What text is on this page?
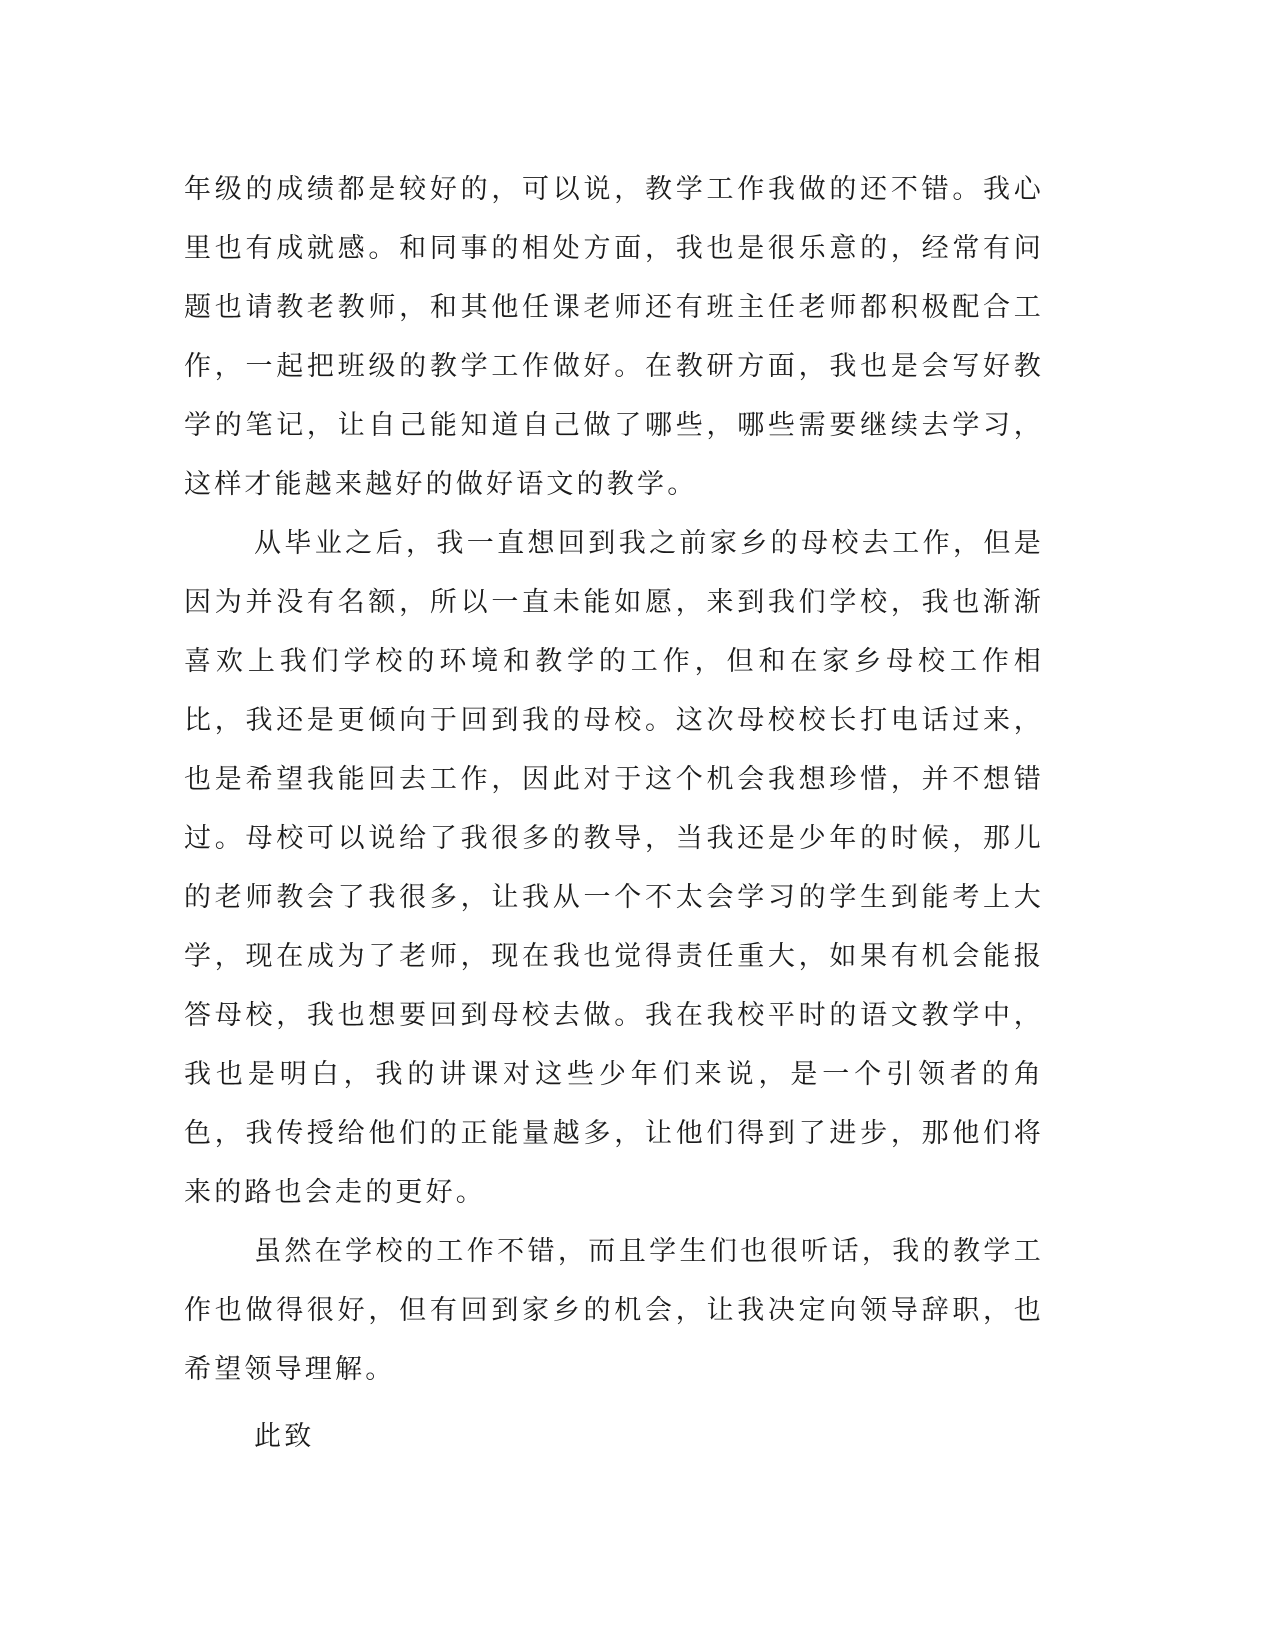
年级的成绩都是较好的，可以说，教学工作我做的还不错。我心里也有成就感。和同事的相处方面，我也是很乐意的，经常有问题也请教老教师，和其他任课老师还有班主任老师都积极配合工作，一起把班级的教学工作做好。在教研方面，我也是会写好教学的笔记，让自己能知道自己做了哪些，哪些需要继续去学习，这样才能越来越好的做好语文的教学。

从毕业之后，我一直想回到我之前家乡的母校去工作，但是因为并没有名额，所以一直未能如愿，来到我们学校，我也渐渐喜欢上我们学校的环境和教学的工作，但和在家乡母校工作相比，我还是更倾向于回到我的母校。这次母校校长打电话过来，也是希望我能回去工作，因此对于这个机会我想珍惜，并不想错过。母校可以说给了我很多的教导，当我还是少年的时候，那儿的老师教会了我很多，让我从一个不太会学习的学生到能考上大学，现在成为了老师，现在我也觉得责任重大，如果有机会能报答母校，我也想要回到母校去做。我在我校平时的语文教学中，我也是明白，我的讲课对这些少年们来说，是一个引领者的角色，我传授给他们的正能量越多，让他们得到了进步，那他们将来的路也会走的更好。

虽然在学校的工作不错，而且学生们也很听话，我的教学工作也做得很好，但有回到家乡的机会，让我决定向领导辞职，也希望领导理解。

此致
